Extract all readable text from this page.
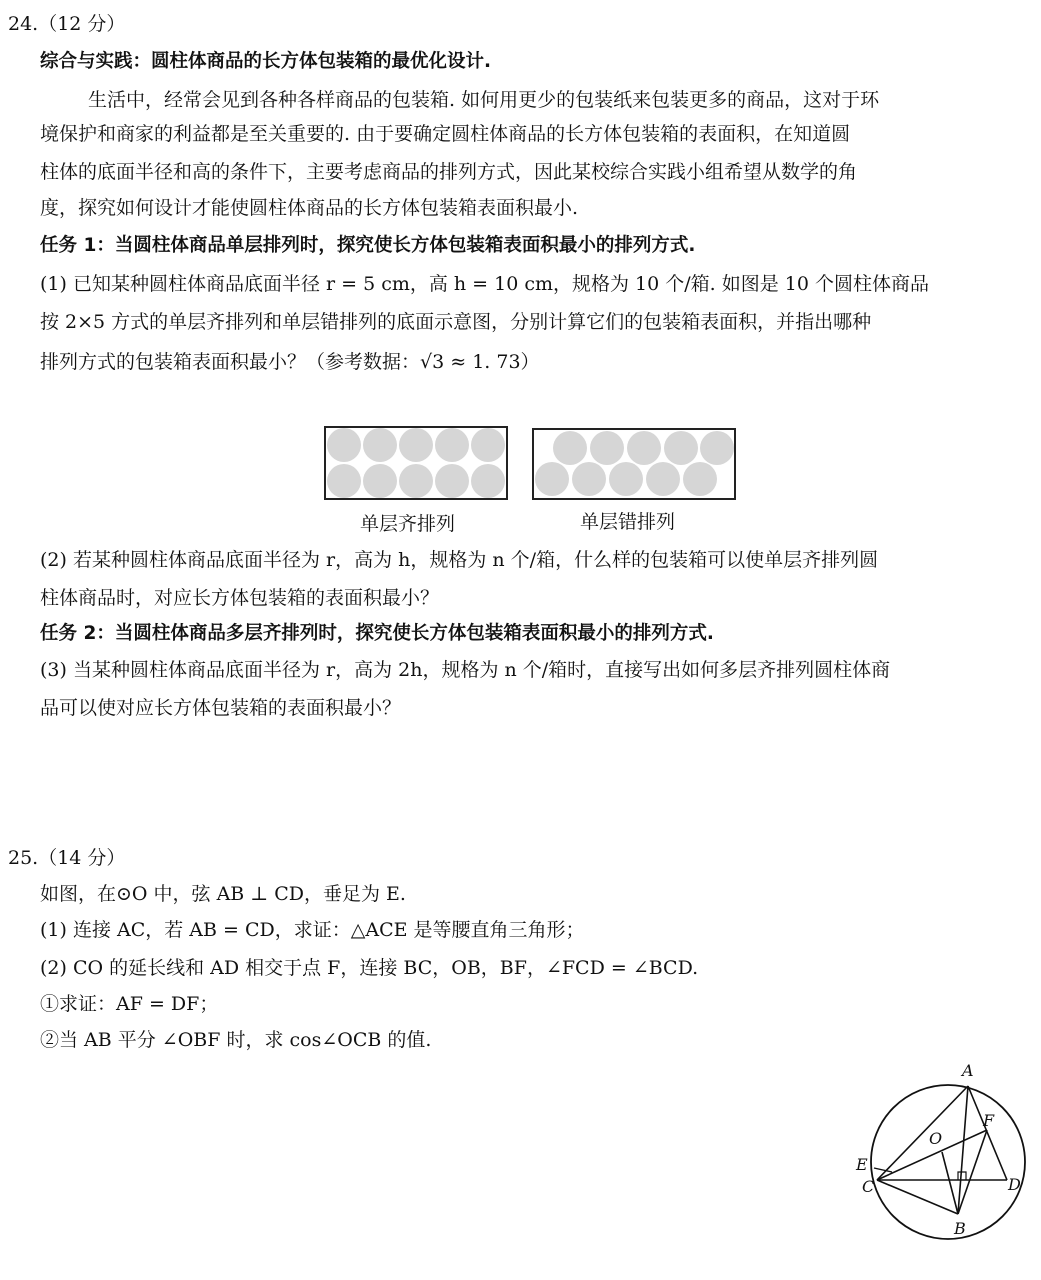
24.（12 分）
综合与实践：圆柱体商品的长方体包装箱的最优化设计.
生活中，经常会见到各种各样商品的包装箱. 如何用更少的包装纸来包装更多的商品，这对于环
境保护和商家的利益都是至关重要的. 由于要确定圆柱体商品的长方体包装箱的表面积，在知道圆
柱体的底面半径和高的条件下，主要考虑商品的排列方式，因此某校综合实践小组希望从数学的角
度，探究如何设计才能使圆柱体商品的长方体包装箱表面积最小.
任务 1：当圆柱体商品单层排列时，探究使长方体包装箱表面积最小的排列方式.
(1) 已知某种圆柱体商品底面半径 r = 5 cm，高 h = 10 cm，规格为 10 个/箱. 如图是 10 个圆柱体商品
按 2×5 方式的单层齐排列和单层错排列的底面示意图，分别计算它们的包装箱表面积，并指出哪种
排列方式的包装箱表面积最小？（参考数据：√3 ≈ 1. 73）
单层齐排列	单层错排列
(2) 若某种圆柱体商品底面半径为 r，高为 h，规格为 n 个/箱，什么样的包装箱可以使单层齐排列圆
柱体商品时，对应长方体包装箱的表面积最小？
任务 2：当圆柱体商品多层齐排列时，探究使长方体包装箱表面积最小的排列方式.
(3) 当某种圆柱体商品底面半径为 r，高为 2h，规格为 n 个/箱时，直接写出如何多层齐排列圆柱体商
品可以使对应长方体包装箱的表面积最小？
25.（14 分）
如图，在⊙O 中，弦 AB ⊥ CD，垂足为 E.
(1) 连接 AC，若 AB = CD，求证：△ACE 是等腰直角三角形；
(2) CO 的延长线和 AD 相交于点 F，连接 BC，OB，BF，∠FCD = ∠BCD.
①求证：AF = DF；
②当 AB 平分 ∠OBF 时，求 cos∠OCB 的值.
A
B
C	D
E
F
O
